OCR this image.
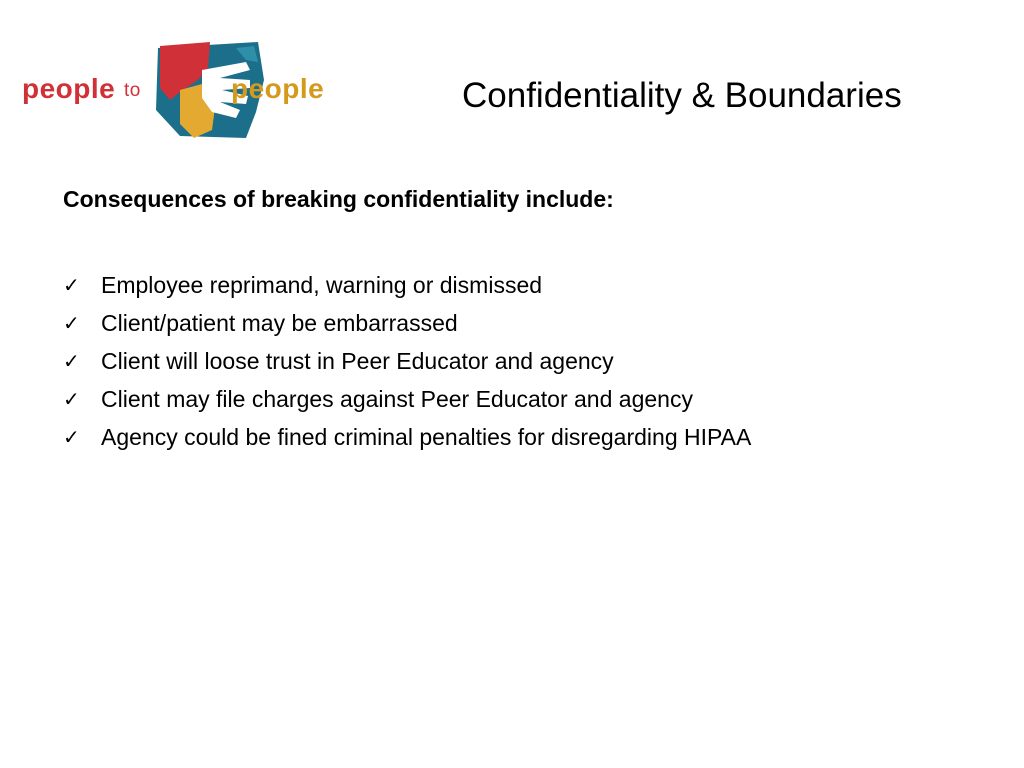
people to	people	Confidentiality & Boundaries

Consequences of breaking confidentiality include:

✓ Employee reprimand, warning or dismissed
✓ Client/patient may be embarrassed
✓ Client will loose trust in Peer Educator and agency
✓ Client may file charges against Peer Educator and agency
✓ Agency could be fined criminal penalties for disregarding HIPAA
